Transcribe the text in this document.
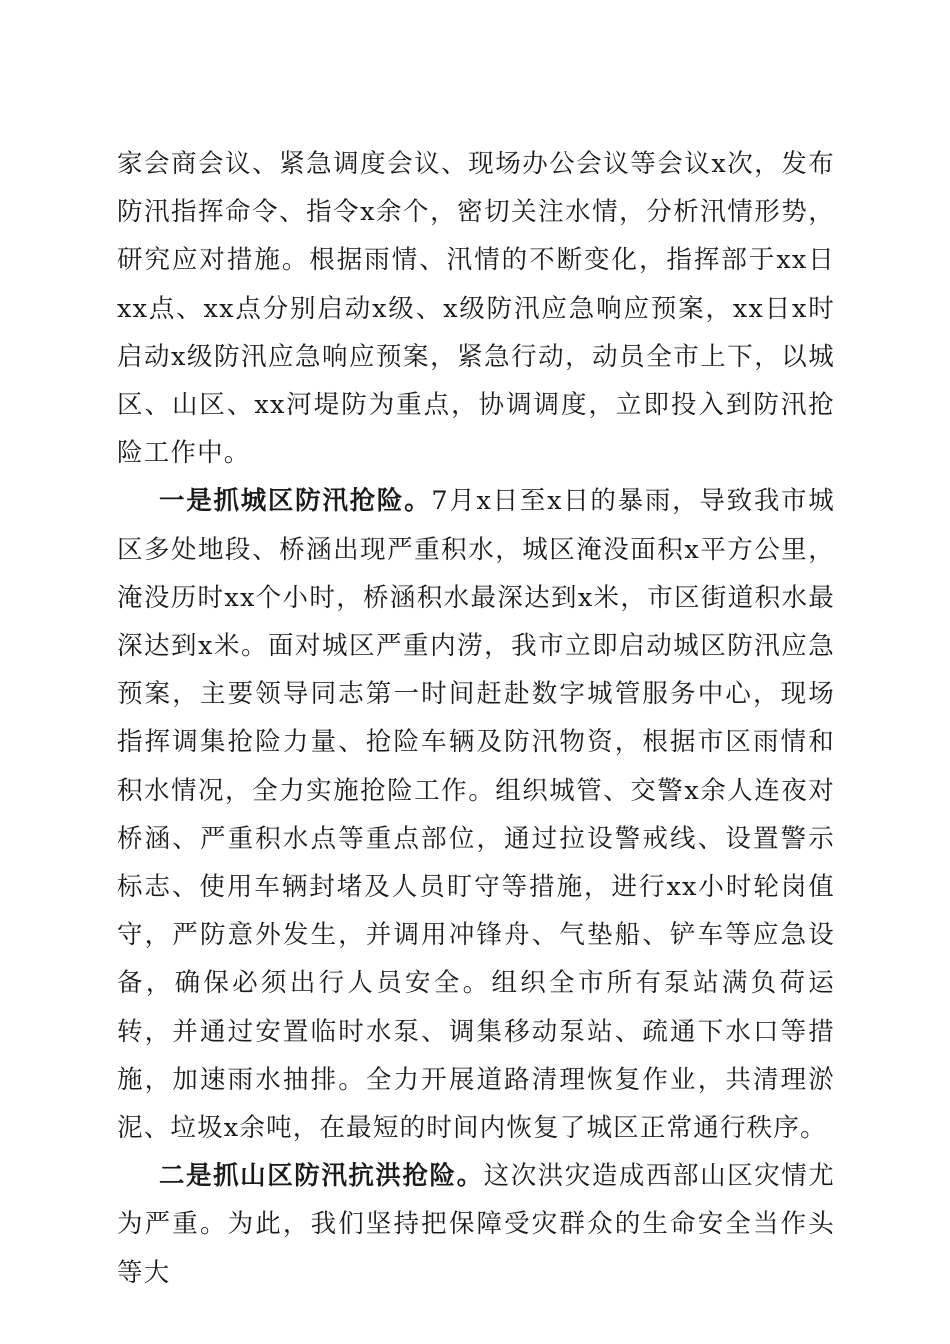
家会商会议、紧急调度会议、现场办公会议等会议x次，发布防汛指挥命令、指令x余个，密切关注水情，分析汛情形势，研究应对措施。根据雨情、汛情的不断变化，指挥部于xx日xx点、xx点分别启动x级、x级防汛应急响应预案，xx日x时启动x级防汛应急响应预案，紧急行动，动员全市上下，以城区、山区、xx河堤防为重点，协调调度，立即投入到防汛抢险工作中。

一是抓城区防汛抢险。7月x日至x日的暴雨，导致我市城区多处地段、桥涵出现严重积水，城区淹没面积x平方公里，淹没历时xx个小时，桥涵积水最深达到x米，市区街道积水最深达到x米。面对城区严重内涝，我市立即启动城区防汛应急预案，主要领导同志第一时间赶赴数字城管服务中心，现场指挥调集抢险力量、抢险车辆及防汛物资，根据市区雨情和积水情况，全力实施抢险工作。组织城管、交警x余人连夜对桥涵、严重积水点等重点部位，通过拉设警戒线、设置警示标志、使用车辆封堵及人员盯守等措施，进行xx小时轮岗值守，严防意外发生，并调用冲锋舟、气垫船、铲车等应急设备，确保必须出行人员安全。组织全市所有泵站满负荷运转，并通过安置临时水泵、调集移动泵站、疏通下水口等措施，加速雨水抽排。全力开展道路清理恢复作业，共清理淤泥、垃圾x余吨，在最短的时间内恢复了城区正常通行秩序。

二是抓山区防汛抗洪抢险。这次洪灾造成西部山区灾情尤为严重。为此，我们坚持把保障受灾群众的生命安全当作头等大
